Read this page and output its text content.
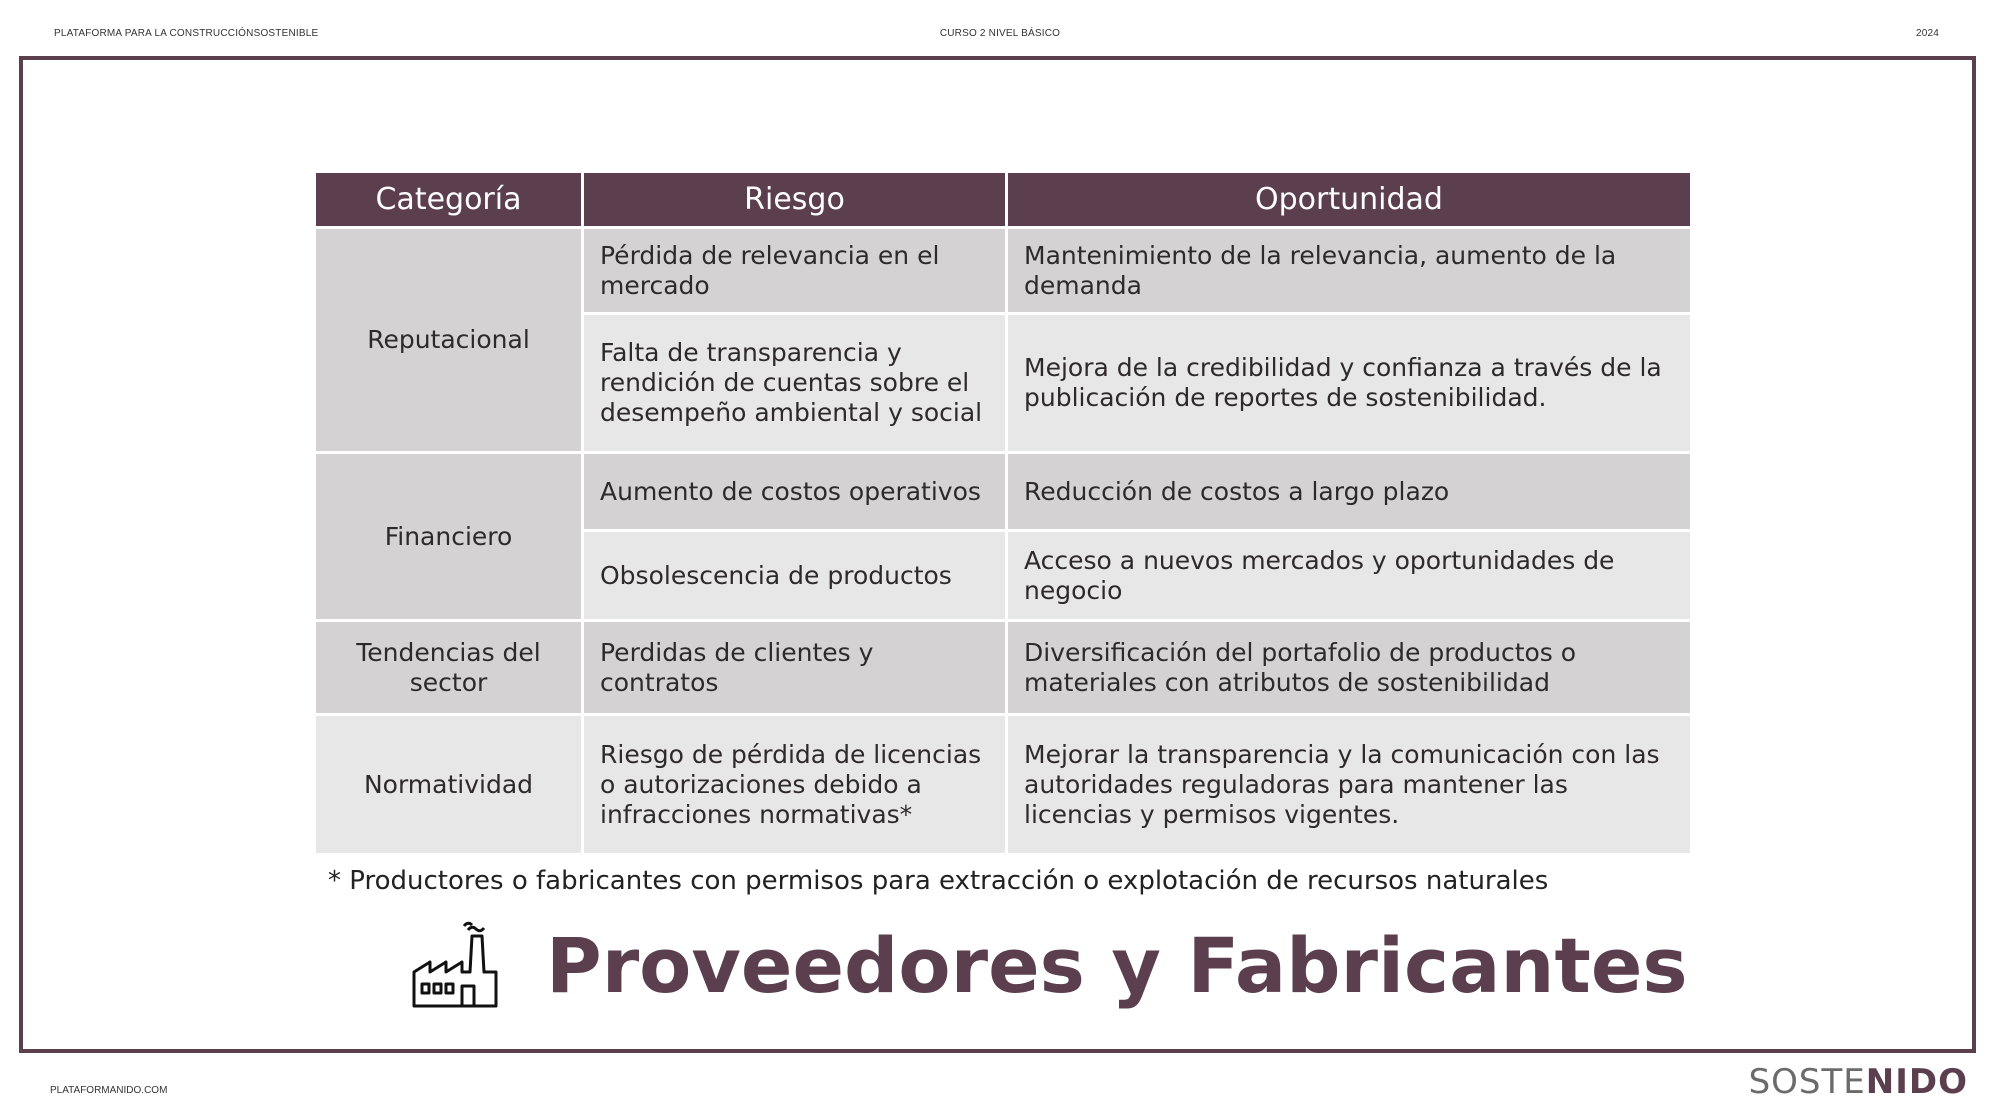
PLATAFORMA PARA LA CONSTRUCCIÓNSOSTENIBLE	CURSO 2 NIVEL BÁSICO	2024
Categoría	Riesgo	Oportunidad
Reputacional	Pérdida de relevancia en el mercado	Mantenimiento de la relevancia, aumento de la demanda
	Falta de transparencia y rendición de cuentas sobre el desempeño ambiental y social	Mejora de la credibilidad y confianza a través de la publicación de reportes de sostenibilidad.
Financiero	Aumento de costos operativos	Reducción de costos a largo plazo
	Obsolescencia de productos	Acceso a nuevos mercados y oportunidades de negocio
Tendencias del sector	Perdidas de clientes y contratos	Diversificación del portafolio de productos o materiales con atributos de sostenibilidad
Normatividad	Riesgo de pérdida de licencias o autorizaciones debido a infracciones normativas*	Mejorar la transparencia y la comunicación con las autoridades reguladoras para mantener las licencias y permisos vigentes.
* Productores o fabricantes con permisos para extracción o explotación de recursos naturales
Proveedores y Fabricantes
PLATAFORMANIDO.COM	SOSTENIDO
